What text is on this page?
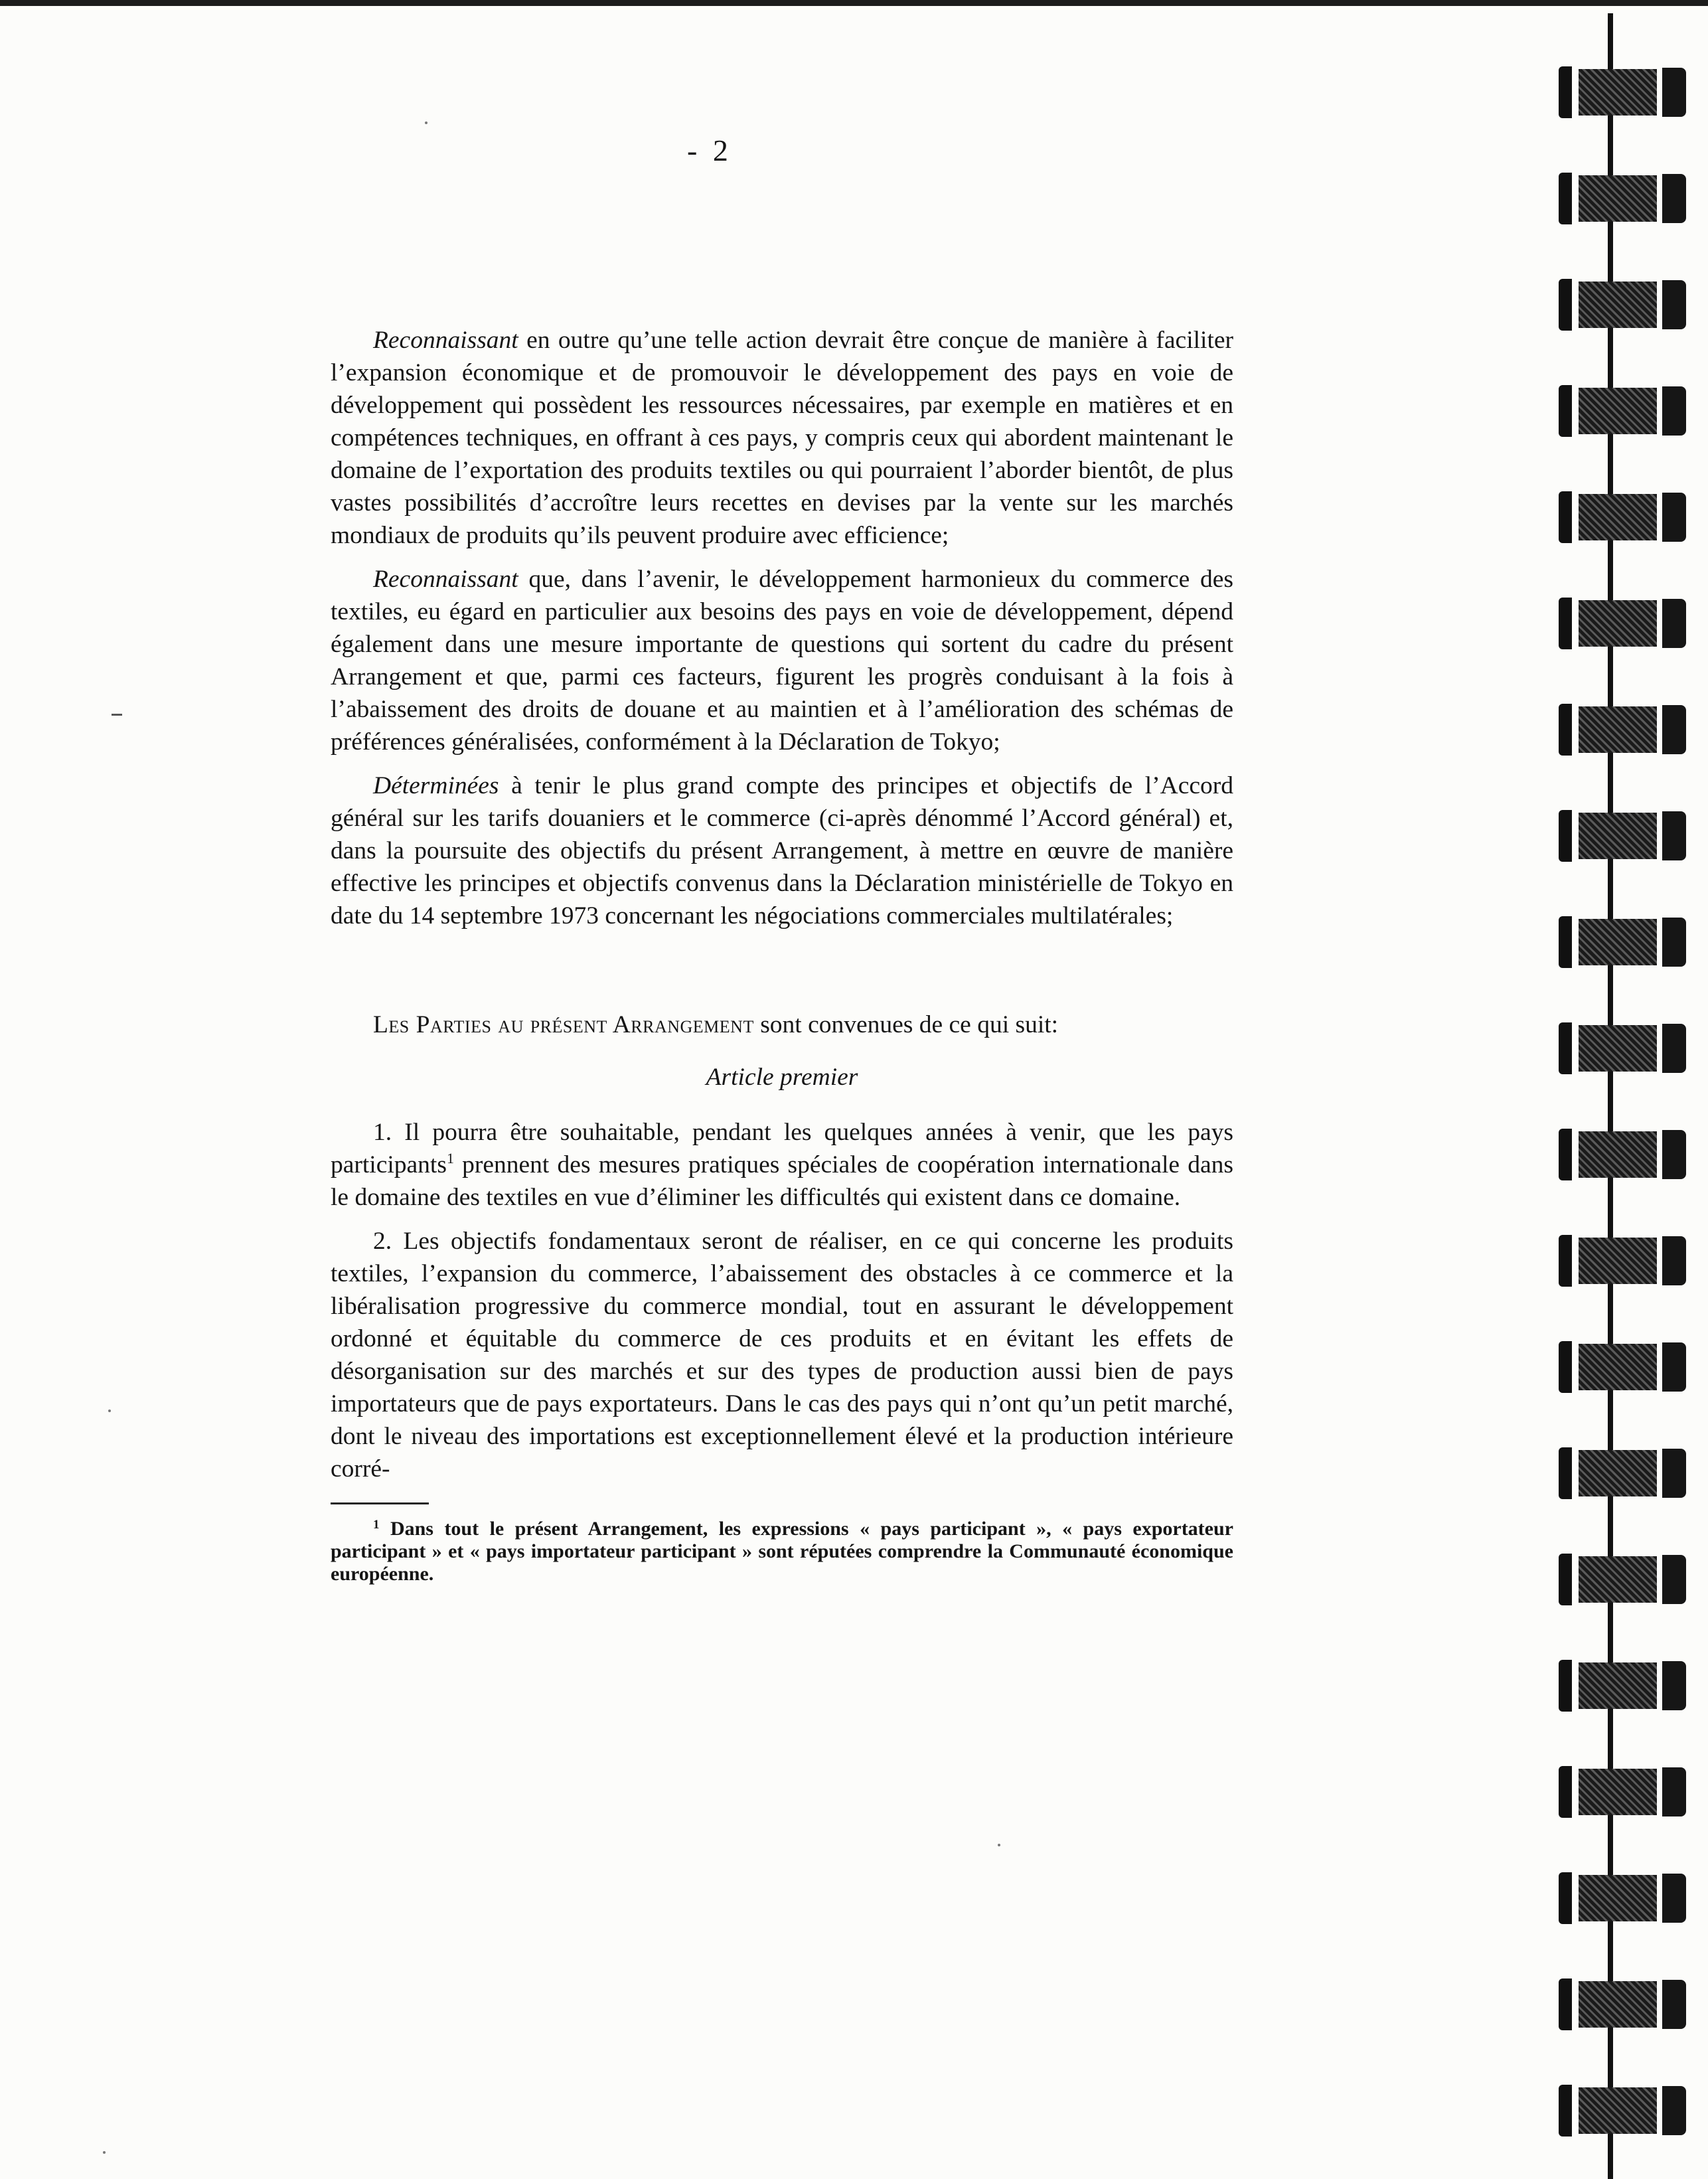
- 2

Reconnaissant en outre qu’une telle action devrait être conçue de manière à faciliter l’expansion économique et de promouvoir le développement des pays en voie de développement qui possèdent les ressources nécessaires, par exemple en matières et en compétences techniques, en offrant à ces pays, y compris ceux qui abordent maintenant le domaine de l’exportation des produits textiles ou qui pourraient l’aborder bientôt, de plus vastes possibilités d’accroître leurs recettes en devises par la vente sur les marchés mondiaux de produits qu’ils peuvent produire avec efficience;

Reconnaissant que, dans l’avenir, le développement harmonieux du commerce des textiles, eu égard en particulier aux besoins des pays en voie de développement, dépend également dans une mesure importante de questions qui sortent du cadre du présent Arrangement et que, parmi ces facteurs, figurent les progrès conduisant à la fois à l’abaissement des droits de douane et au maintien et à l’amélioration des schémas de préférences généralisées, conformément à la Déclaration de Tokyo;

Déterminées à tenir le plus grand compte des principes et objectifs de l’Accord général sur les tarifs douaniers et le commerce (ci-après dénommé l’Accord général) et, dans la poursuite des objectifs du présent Arrangement, à mettre en œuvre de manière effective les principes et objectifs convenus dans la Déclaration ministérielle de Tokyo en date du 14 septembre 1973 concernant les négociations commerciales multilatérales;

Les Parties au présent Arrangement sont convenues de ce qui suit:

Article premier

1. Il pourra être souhaitable, pendant les quelques années à venir, que les pays participants$^1$ prennent des mesures pratiques spéciales de coopération internationale dans le domaine des textiles en vue d’éliminer les difficultés qui existent dans ce domaine.

2. Les objectifs fondamentaux seront de réaliser, en ce qui concerne les produits textiles, l’expansion du commerce, l’abaissement des obstacles à ce commerce et la libéralisation progressive du commerce mondial, tout en assurant le développement ordonné et équitable du commerce de ces produits et en évitant les effets de désorganisation sur des marchés et sur des types de production aussi bien de pays importateurs que de pays exportateurs. Dans le cas des pays qui n’ont qu’un petit marché, dont le niveau des importations est exceptionnellement élevé et la production intérieure corré-

$^1$ Dans tout le présent Arrangement, les expressions « pays participant », « pays exportateur participant » et « pays importateur participant » sont réputées comprendre la Communauté économique européenne.
